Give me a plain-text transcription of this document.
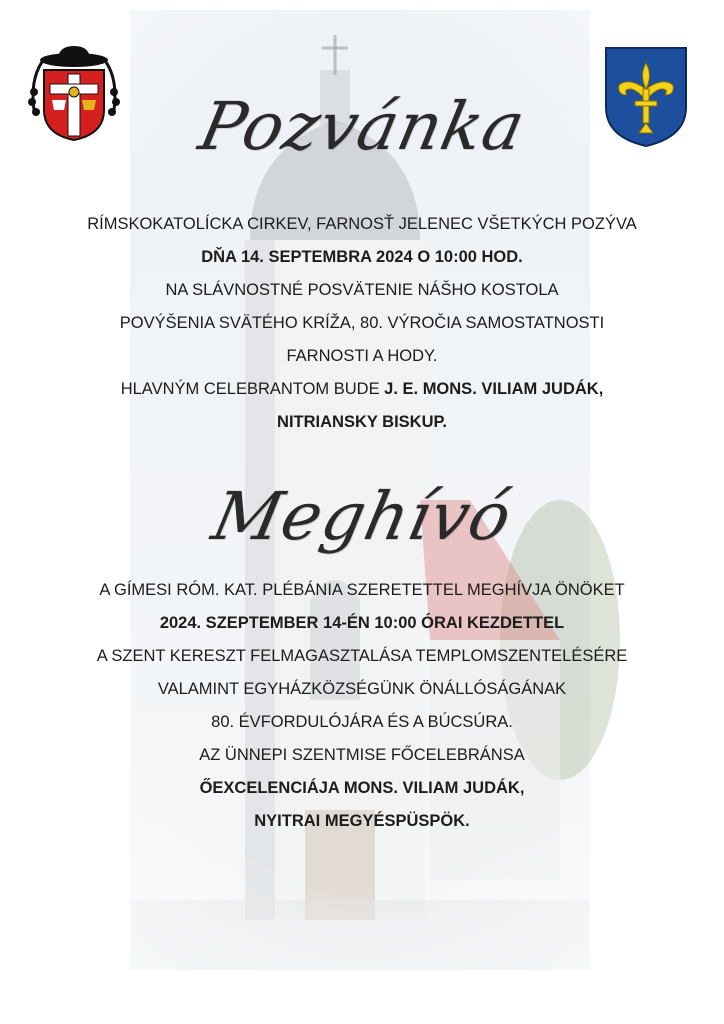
Pozvánka
RÍMSKOKATOLÍCKA CIRKEV, FARNOSŤ JELENEC VŠETKÝCH POZÝVA
DŇA 14. SEPTEMBRA 2024 O 10:00 HOD.
NA SLÁVNOSTNÉ POSVÄTENIE NÁŠHO KOSTOLA
POVÝŠENIA SVÄTÉHO KRÍŽA, 80. VÝROČIA SAMOSTATNOSTI
FARNOSTI A HODY.
HLAVNÝM CELEBRANTOM BUDE J. E. MONS. VILIAM JUDÁK,
NITRIANSKY BISKUP.
Meghívó
A GÍMESI RÓM. KAT. PLÉBÁNIA SZERETETTEL MEGHÍVJA ÖNÖKET
2024. SZEPTEMBER 14-ÉN 10:00 ÓRAI KEZDETTEL
A SZENT KERESZT FELMAGASZTALÁSA TEMPLOMSZENTELÉSÉRE
VALAMINT EGYHÁZKÖZSÉGÜNK ÖNÁLLÓSÁGÁNAK
80. ÉVFORDULÓJÁRA ÉS A BÚCSÚRA.
AZ ÜNNEPI SZENTMISE FŐCELEBRÁNSA
ŐEXCELENCIÁJA MONS. VILIAM JUDÁK,
NYITRAI MEGYÉSPÜSPÖK.
